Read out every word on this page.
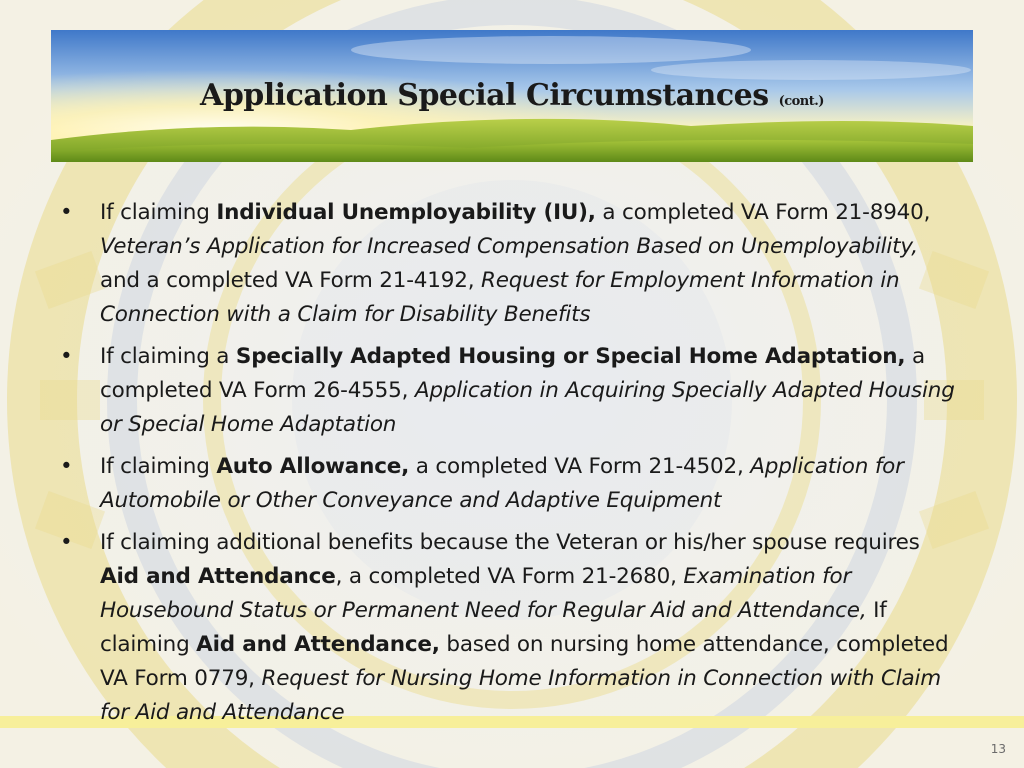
Application Special Circumstances (cont.)
• If claiming Individual Unemployability (IU), a completed VA Form 21-8940, Veteran’s Application for Increased Compensation Based on Unemployability, and a completed VA Form 21-4192, Request for Employment Information in Connection with a Claim for Disability Benefits
• If claiming a Specially Adapted Housing or Special Home Adaptation, a completed VA Form 26-4555, Application in Acquiring Specially Adapted Housing or Special Home Adaptation
• If claiming Auto Allowance, a completed VA Form 21-4502, Application for Automobile or Other Conveyance and Adaptive Equipment
• If claiming additional benefits because the Veteran or his/her spouse requires Aid and Attendance, a completed VA Form 21-2680, Examination for Housebound Status or Permanent Need for Regular Aid and Attendance, If claiming Aid and Attendance, based on nursing home attendance, completed VA Form 0779, Request for Nursing Home Information in Connection with Claim for Aid and Attendance
13
